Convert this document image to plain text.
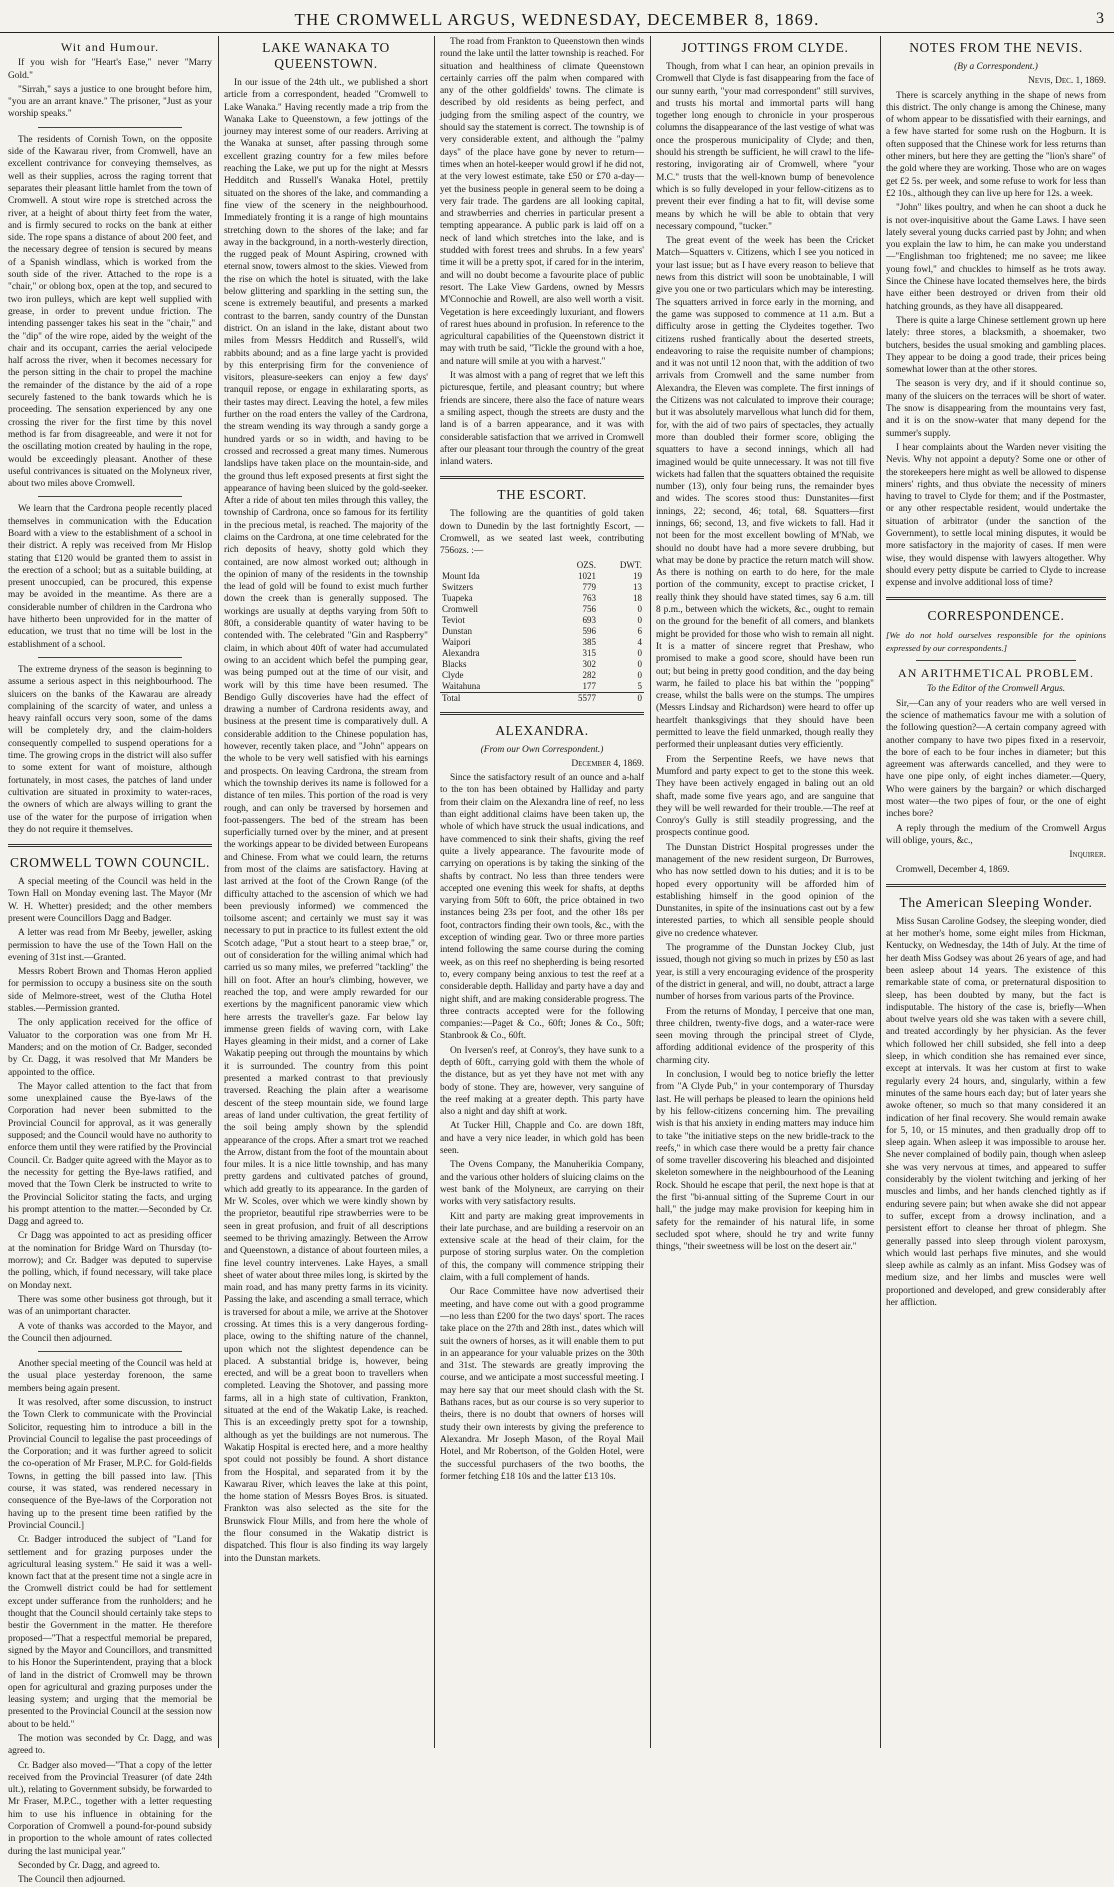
THE CROMWELL ARGUS, WEDNESDAY, DECEMBER 8, 1869.	3
Wit and Humour.

If you wish for "Heart's Ease," never "Marry Gold."

"Sirrah," says a justice to one brought before him, "you are an arrant knave." The prisoner, "Just as your worship speaks."

The residents of Cornish Town, on the opposite side of the Kawarau river, from Cromwell, have an excellent contrivance for conveying themselves, as well as their supplies, across the raging torrent that separates their pleasant little hamlet from the town of Cromwell. A stout wire rope is stretched across the river, at a height of about thirty feet from the water, and is firmly secured to rocks on the bank at either side. The rope spans a distance of about 200 feet, and the necessary degree of tension is secured by means of a Spanish windlass, which is worked from the south side of the river. Attached to the rope is a "chair," or oblong box, open at the top, and secured to two iron pulleys, which are kept well supplied with grease, in order to prevent undue friction. The intending passenger takes his seat in the "chair," and the "dip" of the wire rope, aided by the weight of the chair and its occupant, carries the aerial velocipede half across the river, when it becomes necessary for the person sitting in the chair to propel the machine the remainder of the distance by the aid of a rope securely fastened to the bank towards which he is proceeding. The sensation experienced by any one crossing the river for the first time by this novel method is far from disagreeable, and were it not for the oscillating motion created by hauling in the rope, would be exceedingly pleasant. Another of these useful contrivances is situated on the Molyneux river, about two miles above Cromwell.

We learn that the Cardrona people recently placed themselves in communication with the Education Board with a view to the establishment of a school in their district. A reply was received from Mr Hislop stating that £120 would be granted them to assist in the erection of a school; but as a suitable building, at present unoccupied, can be procured, this expense may be avoided in the meantime. As there are a considerable number of children in the Cardrona who have hitherto been unprovided for in the matter of education, we trust that no time will be lost in the establishment of a school.

The extreme dryness of the season is beginning to assume a serious aspect in this neighbourhood. The sluicers on the banks of the Kawarau are already complaining of the scarcity of water, and unless a heavy rainfall occurs very soon, some of the dams will be completely dry, and the claim-holders consequently compelled to suspend operations for a time. The growing crops in the district will also suffer to some extent for want of moisture, although fortunately, in most cases, the patches of land under cultivation are situated in proximity to water-races, the owners of which are always willing to grant the use of the water for the purpose of irrigation when they do not require it themselves.

CROMWELL TOWN COUNCIL.

A special meeting of the Council was held in the Town Hall on Monday evening last. The Mayor (Mr W. H. Whetter) presided; and the other members present were Councillors Dagg and Badger.

A letter was read from Mr Beeby, jeweller, asking permission to have the use of the Town Hall on the evening of 31st inst.—Granted.

Messrs Robert Brown and Thomas Heron applied for permission to occupy a business site on the south side of Melmore-street, west of the Clutha Hotel stables.—Permission granted.

The only application received for the office of Valuator to the corporation was one from Mr H. Manders; and on the motion of Cr. Badger, seconded by Cr. Dagg, it was resolved that Mr Manders be appointed to the office.

The Mayor called attention to the fact that from some unexplained cause the Bye-laws of the Corporation had never been submitted to the Provincial Council for approval, as it was generally supposed; and the Council would have no authority to enforce them until they were ratified by the Provincial Council. Cr. Badger quite agreed with the Mayor as to the necessity for getting the Bye-laws ratified, and moved that the Town Clerk be instructed to write to the Provincial Solicitor stating the facts, and urging his prompt attention to the matter.—Seconded by Cr. Dagg and agreed to.

Cr Dagg was appointed to act as presiding officer at the nomination for Bridge Ward on Thursday (to-morrow); and Cr. Badger was deputed to supervise the polling, which, if found necessary, will take place on Monday next.

There was some other business got through, but it was of an unimportant character.

A vote of thanks was accorded to the Mayor, and the Council then adjourned.

Another special meeting of the Council was held at the usual place yesterday forenoon, the same members being again present.

It was resolved, after some discussion, to instruct the Town Clerk to communicate with the Provincial Solicitor, requesting him to introduce a bill in the Provincial Council to legalise the past proceedings of the Corporation; and it was further agreed to solicit the co-operation of Mr Fraser, M.P.C. for Gold-fields Towns, in getting the bill passed into law. [This course, it was stated, was rendered necessary in consequence of the Bye-laws of the Corporation not having up to the present time been ratified by the Provincial Council.]

Cr. Badger introduced the subject of "Land for settlement and for grazing purposes under the agricultural leasing system." He said it was a well-known fact that at the present time not a single acre in the Cromwell district could be had for settlement except under sufferance from the runholders; and he thought that the Council should certainly take steps to bestir the Government in the matter. He therefore proposed—"That a respectful memorial be prepared, signed by the Mayor and Councillors, and transmitted to his Honor the Superintendent, praying that a block of land in the district of Cromwell may be thrown open for agricultural and grazing purposes under the leasing system; and urging that the memorial be presented to the Provincial Council at the session now about to be held."

The motion was seconded by Cr. Dagg, and was agreed to.

Cr. Badger also moved—"That a copy of the letter received from the Provincial Treasurer (of date 24th ult.), relating to Government subsidy, be forwarded to Mr Fraser, M.P.C., together with a letter requesting him to use his influence in obtaining for the Corporation of Cromwell a pound-for-pound subsidy in proportion to the whole amount of rates collected during the last municipal year."

Seconded by Cr. Dagg, and agreed to.

The Council then adjourned.

LAKE WANAKA TO QUEENSTOWN.

In our issue of the 24th ult., we published a short article from a correspondent, headed "Cromwell to Lake Wanaka." Having recently made a trip from the Wanaka Lake to Queenstown, a few jottings of the journey may interest some of our readers. Arriving at the Wanaka at sunset, after passing through some excellent grazing country for a few miles before reaching the Lake, we put up for the night at Messrs Hedditch and Russell's Wanaka Hotel, prettily situated on the shores of the lake, and commanding a fine view of the scenery in the neighbourhood. Immediately fronting it is a range of high mountains stretching down to the shores of the lake; and far away in the background, in a north-westerly direction, the rugged peak of Mount Aspiring, crowned with eternal snow, towers almost to the skies. Viewed from the rise on which the hotel is situated, with the lake below glittering and sparkling in the setting sun, the scene is extremely beautiful, and presents a marked contrast to the barren, sandy country of the Dunstan district. On an island in the lake, distant about two miles from Messrs Hedditch and Russell's, wild rabbits abound; and as a fine large yacht is provided by this enterprising firm for the convenience of visitors, pleasure-seekers can enjoy a few days' tranquil repose, or engage in exhilarating sports, as their tastes may direct. Leaving the hotel, a few miles further on the road enters the valley of the Cardrona, the stream wending its way through a sandy gorge a hundred yards or so in width, and having to be crossed and recrossed a great many times. Numerous landslips have taken place on the mountain-side, and the ground thus left exposed presents at first sight the appearance of having been sluiced by the gold-seeker. After a ride of about ten miles through this valley, the township of Cardrona, once so famous for its fertility in the precious metal, is reached. The majority of the claims on the Cardrona, at one time celebrated for the rich deposits of heavy, shotty gold which they contained, are now almost worked out; although in the opinion of many of the residents in the township the lead of gold will be found to exist much further down the creek than is generally supposed. The workings are usually at depths varying from 50ft to 80ft, a considerable quantity of water having to be contended with. The celebrated "Gin and Raspberry" claim, in which about 40ft of water had accumulated owing to an accident which befel the pumping gear, was being pumped out at the time of our visit, and work will by this time have been resumed. The Bendigo Gully discoveries have had the effect of drawing a number of Cardrona residents away, and business at the present time is comparatively dull. A considerable addition to the Chinese population has, however, recently taken place, and "John" appears on the whole to be very well satisfied with his earnings and prospects. On leaving Cardrona, the stream from which the township derives its name is followed for a distance of ten miles. This portion of the road is very rough, and can only be traversed by horsemen and foot-passengers. The bed of the stream has been superficially turned over by the miner, and at present the workings appear to be divided between Europeans and Chinese. From what we could learn, the returns from most of the claims are satisfactory. Having at last arrived at the foot of the Crown Range (of the difficulty attached to the ascension of which we had been previously informed) we commenced the toilsome ascent; and certainly we must say it was necessary to put in practice to its fullest extent the old Scotch adage, "Put a stout heart to a steep brae," or, out of consideration for the willing animal which had carried us so many miles, we preferred "tackling" the hill on foot. After an hour's climbing, however, we reached the top, and were amply rewarded for our exertions by the magnificent panoramic view which here arrests the traveller's gaze. Far below lay immense green fields of waving corn, with Lake Hayes gleaming in their midst, and a corner of Lake Wakatip peeping out through the mountains by which it is surrounded. The country from this point presented a marked contrast to that previously traversed. Reaching the plain after a wearisome descent of the steep mountain side, we found large areas of land under cultivation, the great fertility of the soil being amply shown by the splendid appearance of the crops. After a smart trot we reached the Arrow, distant from the foot of the mountain about four miles. It is a nice little township, and has many pretty gardens and cultivated patches of ground, which add greatly to its appearance. In the garden of Mr W. Scoles, over which we were kindly shown by the proprietor, beautiful ripe strawberries were to be seen in great profusion, and fruit of all descriptions seemed to be thriving amazingly. Between the Arrow and Queenstown, a distance of about fourteen miles, a fine level country intervenes. Lake Hayes, a small sheet of water about three miles long, is skirted by the main road, and has many pretty farms in its vicinity. Passing the lake, and ascending a small terrace, which is traversed for about a mile, we arrive at the Shotover crossing. At times this is a very dangerous fording-place, owing to the shifting nature of the channel, upon which not the slightest dependence can be placed. A substantial bridge is, however, being erected, and will be a great boon to travellers when completed. Leaving the Shotover, and passing more farms, all in a high state of cultivation, Frankton, situated at the end of the Wakatip Lake, is reached. This is an exceedingly pretty spot for a township, although as yet the buildings are not numerous. The Wakatip Hospital is erected here, and a more healthy spot could not possibly be found. A short distance from the Hospital, and separated from it by the Kawarau River, which leaves the lake at this point, the home station of Messrs Boyes Bros. is situated. Frankton was also selected as the site for the Brunswick Flour Mills, and from here the whole of the flour consumed in the Wakatip district is dispatched. This flour is also finding its way largely into the Dunstan markets.

The road from Frankton to Queenstown then winds round the lake until the latter township is reached. For situation and healthiness of climate Queenstown certainly carries off the palm when compared with any of the other goldfields' towns. The climate is described by old residents as being perfect, and judging from the smiling aspect of the country, we should say the statement is correct. The township is of very considerable extent, and although the "palmy days" of the place have gone by never to return—times when an hotel-keeper would growl if he did not, at the very lowest estimate, take £50 or £70 a-day—yet the business people in general seem to be doing a very fair trade. The gardens are all looking capital, and strawberries and cherries in particular present a tempting appearance. A public park is laid off on a neck of land which stretches into the lake, and is studded with forest trees and shrubs. In a few years' time it will be a pretty spot, if cared for in the interim, and will no doubt become a favourite place of public resort. The Lake View Gardens, owned by Messrs M'Connochie and Rowell, are also well worth a visit. Vegetation is here exceedingly luxuriant, and flowers of rarest hues abound in profusion. In reference to the agricultural capabilities of the Queenstown district it may with truth be said, "Tickle the ground with a hoe, and nature will smile at you with a harvest."

It was almost with a pang of regret that we left this picturesque, fertile, and pleasant country; but where friends are sincere, there also the face of nature wears a smiling aspect, though the streets are dusty and the land is of a barren appearance, and it was with considerable satisfaction that we arrived in Cromwell after our pleasant tour through the country of the great inland waters.

THE ESCORT.

The following are the quantities of gold taken down to Dunedin by the last fortnightly Escort, —Cromwell, as we seated last week, contributing 756ozs. :—

	OZS.	DWT.
Mount Ida	1021	19
Switzers	779	13
Tuapeka	763	18
Cromwell	756	0
Teviot	693	0
Dunstan	596	6
Waipori	385	4
Alexandra	315	0
Blacks	302	0
Clyde	282	0
Waitahuna	177	5
Total	5577	0
ALEXANDRA.

(From our Own Correspondent.)

December 4, 1869.

Since the satisfactory result of an ounce and a-half to the ton has been obtained by Halliday and party from their claim on the Alexandra line of reef, no less than eight additional claims have been taken up, the whole of which have struck the usual indications, and have commenced to sink their shafts, giving the reef quite a lively appearance. The favourite mode of carrying on operations is by taking the sinking of the shafts by contract. No less than three tenders were accepted one evening this week for shafts, at depths varying from 50ft to 60ft, the price obtained in two instances being 23s per foot, and the other 18s per foot, contractors finding their own tools, &c., with the exception of winding gear. Two or three more parties intend following the same course during the coming week, as on this reef no shepherding is being resorted to, every company being anxious to test the reef at a considerable depth. Halliday and party have a day and night shift, and are making considerable progress. The three contracts accepted were for the following companies:—Paget & Co., 60ft; Jones & Co., 50ft; Stanbrook & Co., 60ft.

On Iversen's reef, at Conroy's, they have sunk to a depth of 60ft., carrying gold with them the whole of the distance, but as yet they have not met with any body of stone. They are, however, very sanguine of the reef making at a greater depth. This party have also a night and day shift at work.

At Tucker Hill, Chapple and Co. are down 18ft, and have a very nice leader, in which gold has been seen.

The Ovens Company, the Manuherikia Company, and the various other holders of sluicing claims on the west bank of the Molyneux, are carrying on their works with very satisfactory results.

Kitt and party are making great improvements in their late purchase, and are building a reservoir on an extensive scale at the head of their claim, for the purpose of storing surplus water. On the completion of this, the company will commence stripping their claim, with a full complement of hands.

Our Race Committee have now advertised their meeting, and have come out with a good programme—no less than £200 for the two days' sport. The races take place on the 27th and 28th inst., dates which will suit the owners of horses, as it will enable them to put in an appearance for your valuable prizes on the 30th and 31st. The stewards are greatly improving the course, and we anticipate a most successful meeting. I may here say that our meet should clash with the St. Bathans races, but as our course is so very superior to theirs, there is no doubt that owners of horses will study their own interests by giving the preference to Alexandra. Mr Joseph Mason, of the Royal Mail Hotel, and Mr Robertson, of the Golden Hotel, were the successful purchasers of the two booths, the former fetching £18 10s and the latter £13 10s.

JOTTINGS FROM CLYDE.

Though, from what I can hear, an opinion prevails in Cromwell that Clyde is fast disappearing from the face of our sunny earth, "your mad correspondent" still survives, and trusts his mortal and immortal parts will hang together long enough to chronicle in your prosperous columns the disappearance of the last vestige of what was once the prosperous municipality of Clyde; and then, should his strength be sufficient, he will crawl to the life-restoring, invigorating air of Cromwell, where "your M.C." trusts that the well-known bump of benevolence which is so fully developed in your fellow-citizens as to prevent their ever finding a hat to fit, will devise some means by which he will be able to obtain that very necessary compound, "tucker."

The great event of the week has been the Cricket Match—Squatters v. Citizens, which I see you noticed in your last issue; but as I have every reason to believe that news from this district will soon be unobtainable, I will give you one or two particulars which may be interesting. The squatters arrived in force early in the morning, and the game was supposed to commence at 11 a.m. But a difficulty arose in getting the Clydeites together. Two citizens rushed frantically about the deserted streets, endeavoring to raise the requisite number of champions; and it was not until 12 noon that, with the addition of two arrivals from Cromwell and the same number from Alexandra, the Eleven was complete. The first innings of the Citizens was not calculated to improve their courage; but it was absolutely marvellous what lunch did for them, for, with the aid of two pairs of spectacles, they actually more than doubled their former score, obliging the squatters to have a second innings, which all had imagined would be quite unnecessary. It was not till five wickets had fallen that the squatters obtained the requisite number (13), only four being runs, the remainder byes and wides. The scores stood thus: Dunstanites—first innings, 22; second, 46; total, 68. Squatters—first innings, 66; second, 13, and five wickets to fall. Had it not been for the most excellent bowling of M'Nab, we should no doubt have had a more severe drubbing, but what may be done by practice the return match will show. As there is nothing on earth to do here, for the male portion of the community, except to practise cricket, I really think they should have stated times, say 6 a.m. till 8 p.m., between which the wickets, &c., ought to remain on the ground for the benefit of all comers, and blankets might be provided for those who wish to remain all night. It is a matter of sincere regret that Preshaw, who promised to make a good score, should have been run out; but being in pretty good condition, and the day being warm, he failed to place his bat within the "popping" crease, whilst the balls were on the stumps. The umpires (Messrs Lindsay and Richardson) were heard to offer up heartfelt thanksgivings that they should have been permitted to leave the field unmarked, though really they performed their unpleasant duties very efficiently.

From the Serpentine Reefs, we have news that Mumford and party expect to get to the stone this week. They have been actively engaged in baling out an old shaft, made some five years ago, and are sanguine that they will be well rewarded for their trouble.—The reef at Conroy's Gully is still steadily progressing, and the prospects continue good.

The Dunstan District Hospital progresses under the management of the new resident surgeon, Dr Burrowes, who has now settled down to his duties; and it is to be hoped every opportunity will be afforded him of establishing himself in the good opinion of the Dunstanites, in spite of the insinuations cast out by a few interested parties, to which all sensible people should give no credence whatever.

The programme of the Dunstan Jockey Club, just issued, though not giving so much in prizes by £50 as last year, is still a very encouraging evidence of the prosperity of the district in general, and will, no doubt, attract a large number of horses from various parts of the Province.

From the returns of Monday, I perceive that one man, three children, twenty-five dogs, and a water-race were seen moving through the principal street of Clyde, affording additional evidence of the prosperity of this charming city.

In conclusion, I would beg to notice briefly the letter from "A Clyde Pub," in your contemporary of Thursday last. He will perhaps be pleased to learn the opinions held by his fellow-citizens concerning him. The prevailing wish is that his anxiety in ending matters may induce him to take "the initiative steps on the new bridle-track to the reefs," in which case there would be a pretty fair chance of some traveller discovering his bleached and disjointed skeleton somewhere in the neighbourhood of the Leaning Rock. Should he escape that peril, the next hope is that at the first "bi-annual sitting of the Supreme Court in our hall," the judge may make provision for keeping him in safety for the remainder of his natural life, in some secluded spot where, should he try and write funny things, "their sweetness will be lost on the desert air."

NOTES FROM THE NEVIS.

(By a Correspondent.)

Nevis, Dec. 1, 1869.

There is scarcely anything in the shape of news from this district. The only change is among the Chinese, many of whom appear to be dissatisfied with their earnings, and a few have started for some rush on the Hogburn. It is often supposed that the Chinese work for less returns than other miners, but here they are getting the "lion's share" of the gold where they are working. Those who are on wages get £2 5s. per week, and some refuse to work for less than £2 10s., although they can live up here for 12s. a week.

"John" likes poultry, and when he can shoot a duck he is not over-inquisitive about the Game Laws. I have seen lately several young ducks carried past by John; and when you explain the law to him, he can make you understand—"Englishman too frightened; me no savee; me likee young fowl," and chuckles to himself as he trots away. Since the Chinese have located themselves here, the birds have either been destroyed or driven from their old hatching grounds, as they have all disappeared.

There is quite a large Chinese settlement grown up here lately: three stores, a blacksmith, a shoemaker, two butchers, besides the usual smoking and gambling places. They appear to be doing a good trade, their prices being somewhat lower than at the other stores.

The season is very dry, and if it should continue so, many of the sluicers on the terraces will be short of water. The snow is disappearing from the mountains very fast, and it is on the snow-water that many depend for the summer's supply.

I hear complaints about the Warden never visiting the Nevis. Why not appoint a deputy? Some one or other of the storekeepers here might as well be allowed to dispense miners' rights, and thus obviate the necessity of miners having to travel to Clyde for them; and if the Postmaster, or any other respectable resident, would undertake the situation of arbitrator (under the sanction of the Government), to settle local mining disputes, it would be more satisfactory in the majority of cases. If men were wise, they would dispense with lawyers altogether. Why should every petty dispute be carried to Clyde to increase expense and involve additional loss of time?

CORRESPONDENCE.

[We do not hold ourselves responsible for the opinions expressed by our correspondents.]

AN ARITHMETICAL PROBLEM.

To the Editor of the Cromwell Argus.

Sir,—Can any of your readers who are well versed in the science of mathematics favour me with a solution of the following question?—A certain company agreed with another company to have two pipes fixed in a reservoir, the bore of each to be four inches in diameter; but this agreement was afterwards cancelled, and they were to have one pipe only, of eight inches diameter.—Query, Who were gainers by the bargain? or which discharged most water—the two pipes of four, or the one of eight inches bore?

A reply through the medium of the Cromwell Argus will oblige, yours, &c.,

Inquirer.

Cromwell, December 4, 1869.

The American Sleeping Wonder.

Miss Susan Caroline Godsey, the sleeping wonder, died at her mother's home, some eight miles from Hickman, Kentucky, on Wednesday, the 14th of July. At the time of her death Miss Godsey was about 26 years of age, and had been asleep about 14 years. The existence of this remarkable state of coma, or preternatural disposition to sleep, has been doubted by many, but the fact is indisputable. The history of the case is, briefly—When about twelve years old she was taken with a severe chill, and treated accordingly by her physician. As the fever which followed her chill subsided, she fell into a deep sleep, in which condition she has remained ever since, except at intervals. It was her custom at first to wake regularly every 24 hours, and, singularly, within a few minutes of the same hours each day; but of later years she awoke oftener, so much so that many considered it an indication of her final recovery. She would remain awake for 5, 10, or 15 minutes, and then gradually drop off to sleep again. When asleep it was impossible to arouse her. She never complained of bodily pain, though when asleep she was very nervous at times, and appeared to suffer considerably by the violent twitching and jerking of her muscles and limbs, and her hands clenched tightly as if enduring severe pain; but when awake she did not appear to suffer, except from a drowsy inclination, and a persistent effort to cleanse her throat of phlegm. She generally passed into sleep through violent paroxysm, which would last perhaps five minutes, and she would sleep awhile as calmly as an infant. Miss Godsey was of medium size, and her limbs and muscles were well proportioned and developed, and grew considerably after her affliction.
